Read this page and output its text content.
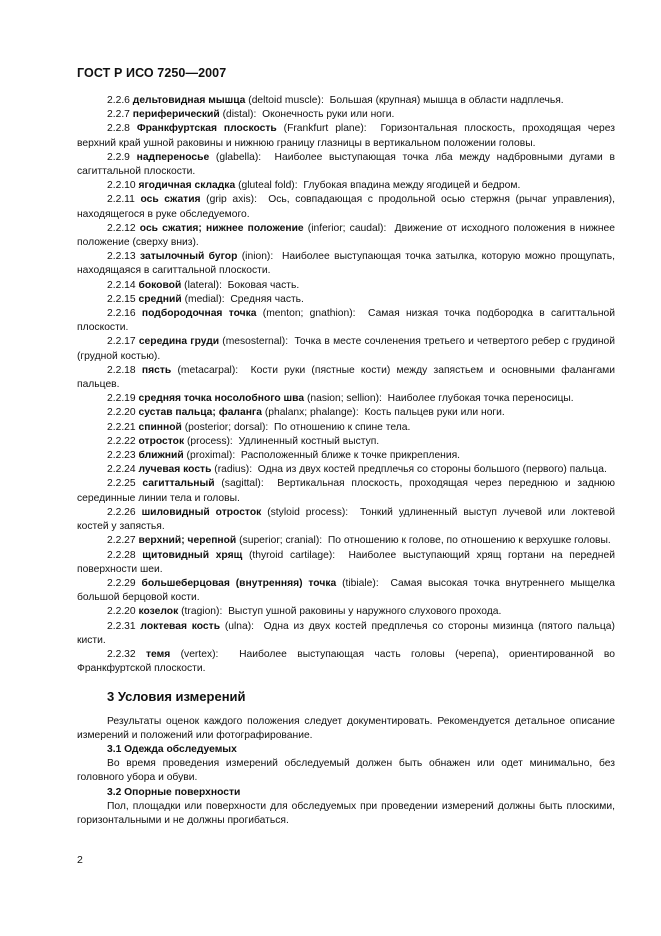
ГОСТ Р ИСО 7250—2007

2.2.6 дельтовидная мышца (deltoid muscle): Большая (крупная) мышца в области надплечья.

2.2.7 периферический (distal): Оконечность руки или ноги.

2.2.8 Франкфуртская плоскость (Frankfurt plane): Горизонтальная плоскость, проходящая через верхний край ушной раковины и нижнюю границу глазницы в вертикальном положении головы.

2.2.9 надпереносье (glabella): Наиболее выступающая точка лба между надбровными дугами в сагиттальной плоскости.

2.2.10 ягодичная складка (gluteal fold): Глубокая впадина между ягодицей и бедром.

2.2.11 ось сжатия (grip axis): Ось, совпадающая с продольной осью стержня (рычаг управления), находящегося в руке обследуемого.

2.2.12 ось сжатия; нижнее положение (inferior; caudal): Движение от исходного положения в нижнее положение (сверху вниз).

2.2.13 затылочный бугор (inion): Наиболее выступающая точка затылка, которую можно прощупать, находящаяся в сагиттальной плоскости.

2.2.14 боковой (lateral): Боковая часть.

2.2.15 средний (medial): Средняя часть.

2.2.16 подбородочная точка (menton; gnathion): Самая низкая точка подбородка в сагиттальной плоскости.

2.2.17 середина груди (mesosternal): Точка в месте сочленения третьего и четвертого ребер с грудиной (грудной костью).

2.2.18 пясть (metacarpal): Кости руки (пястные кости) между запястьем и основными фалангами пальцев.

2.2.19 средняя точка носолобного шва (nasion; sellion): Наиболее глубокая точка переносицы.

2.2.20 сустав пальца; фаланга (phalanx; phalange): Кость пальцев руки или ноги.

2.2.21 спинной (posterior; dorsal): По отношению к спине тела.

2.2.22 отросток (process): Удлиненный костный выступ.

2.2.23 ближний (proximal): Расположенный ближе к точке прикрепления.

2.2.24 лучевая кость (radius): Одна из двух костей предплечья со стороны большого (первого) пальца.

2.2.25 сагиттальный (sagittal): Вертикальная плоскость, проходящая через переднюю и заднюю серединные линии тела и головы.

2.2.26 шиловидный отросток (styloid process): Тонкий удлиненный выступ лучевой или локтевой костей у запястья.

2.2.27 верхний; черепной (superior; cranial): По отношению к голове, по отношению к верхушке головы.

2.2.28 щитовидный хрящ (thyroid cartilage): Наиболее выступающий хрящ гортани на передней поверхности шеи.

2.2.29 большеберцовая (внутренняя) точка (tibiale): Самая высокая точка внутреннего мыщелка большой берцовой кости.

2.2.20 козелок (tragion): Выступ ушной раковины у наружного слухового прохода.

2.2.31 локтевая кость (ulna): Одна из двух костей предплечья со стороны мизинца (пятого пальца) кисти.

2.2.32 темя (vertex): Наиболее выступающая часть головы (черепа), ориентированной во Франкфуртской плоскости.

3 Условия измерений

Результаты оценок каждого положения следует документировать. Рекомендуется детальное описание измерений и положений или фотографирование.

3.1 Одежда обследуемых

Во время проведения измерений обследуемый должен быть обнажен или одет минимально, без головного убора и обуви.

3.2 Опорные поверхности

Пол, площадки или поверхности для обследуемых при проведении измерений должны быть плоскими, горизонтальными и не должны прогибаться.

2
